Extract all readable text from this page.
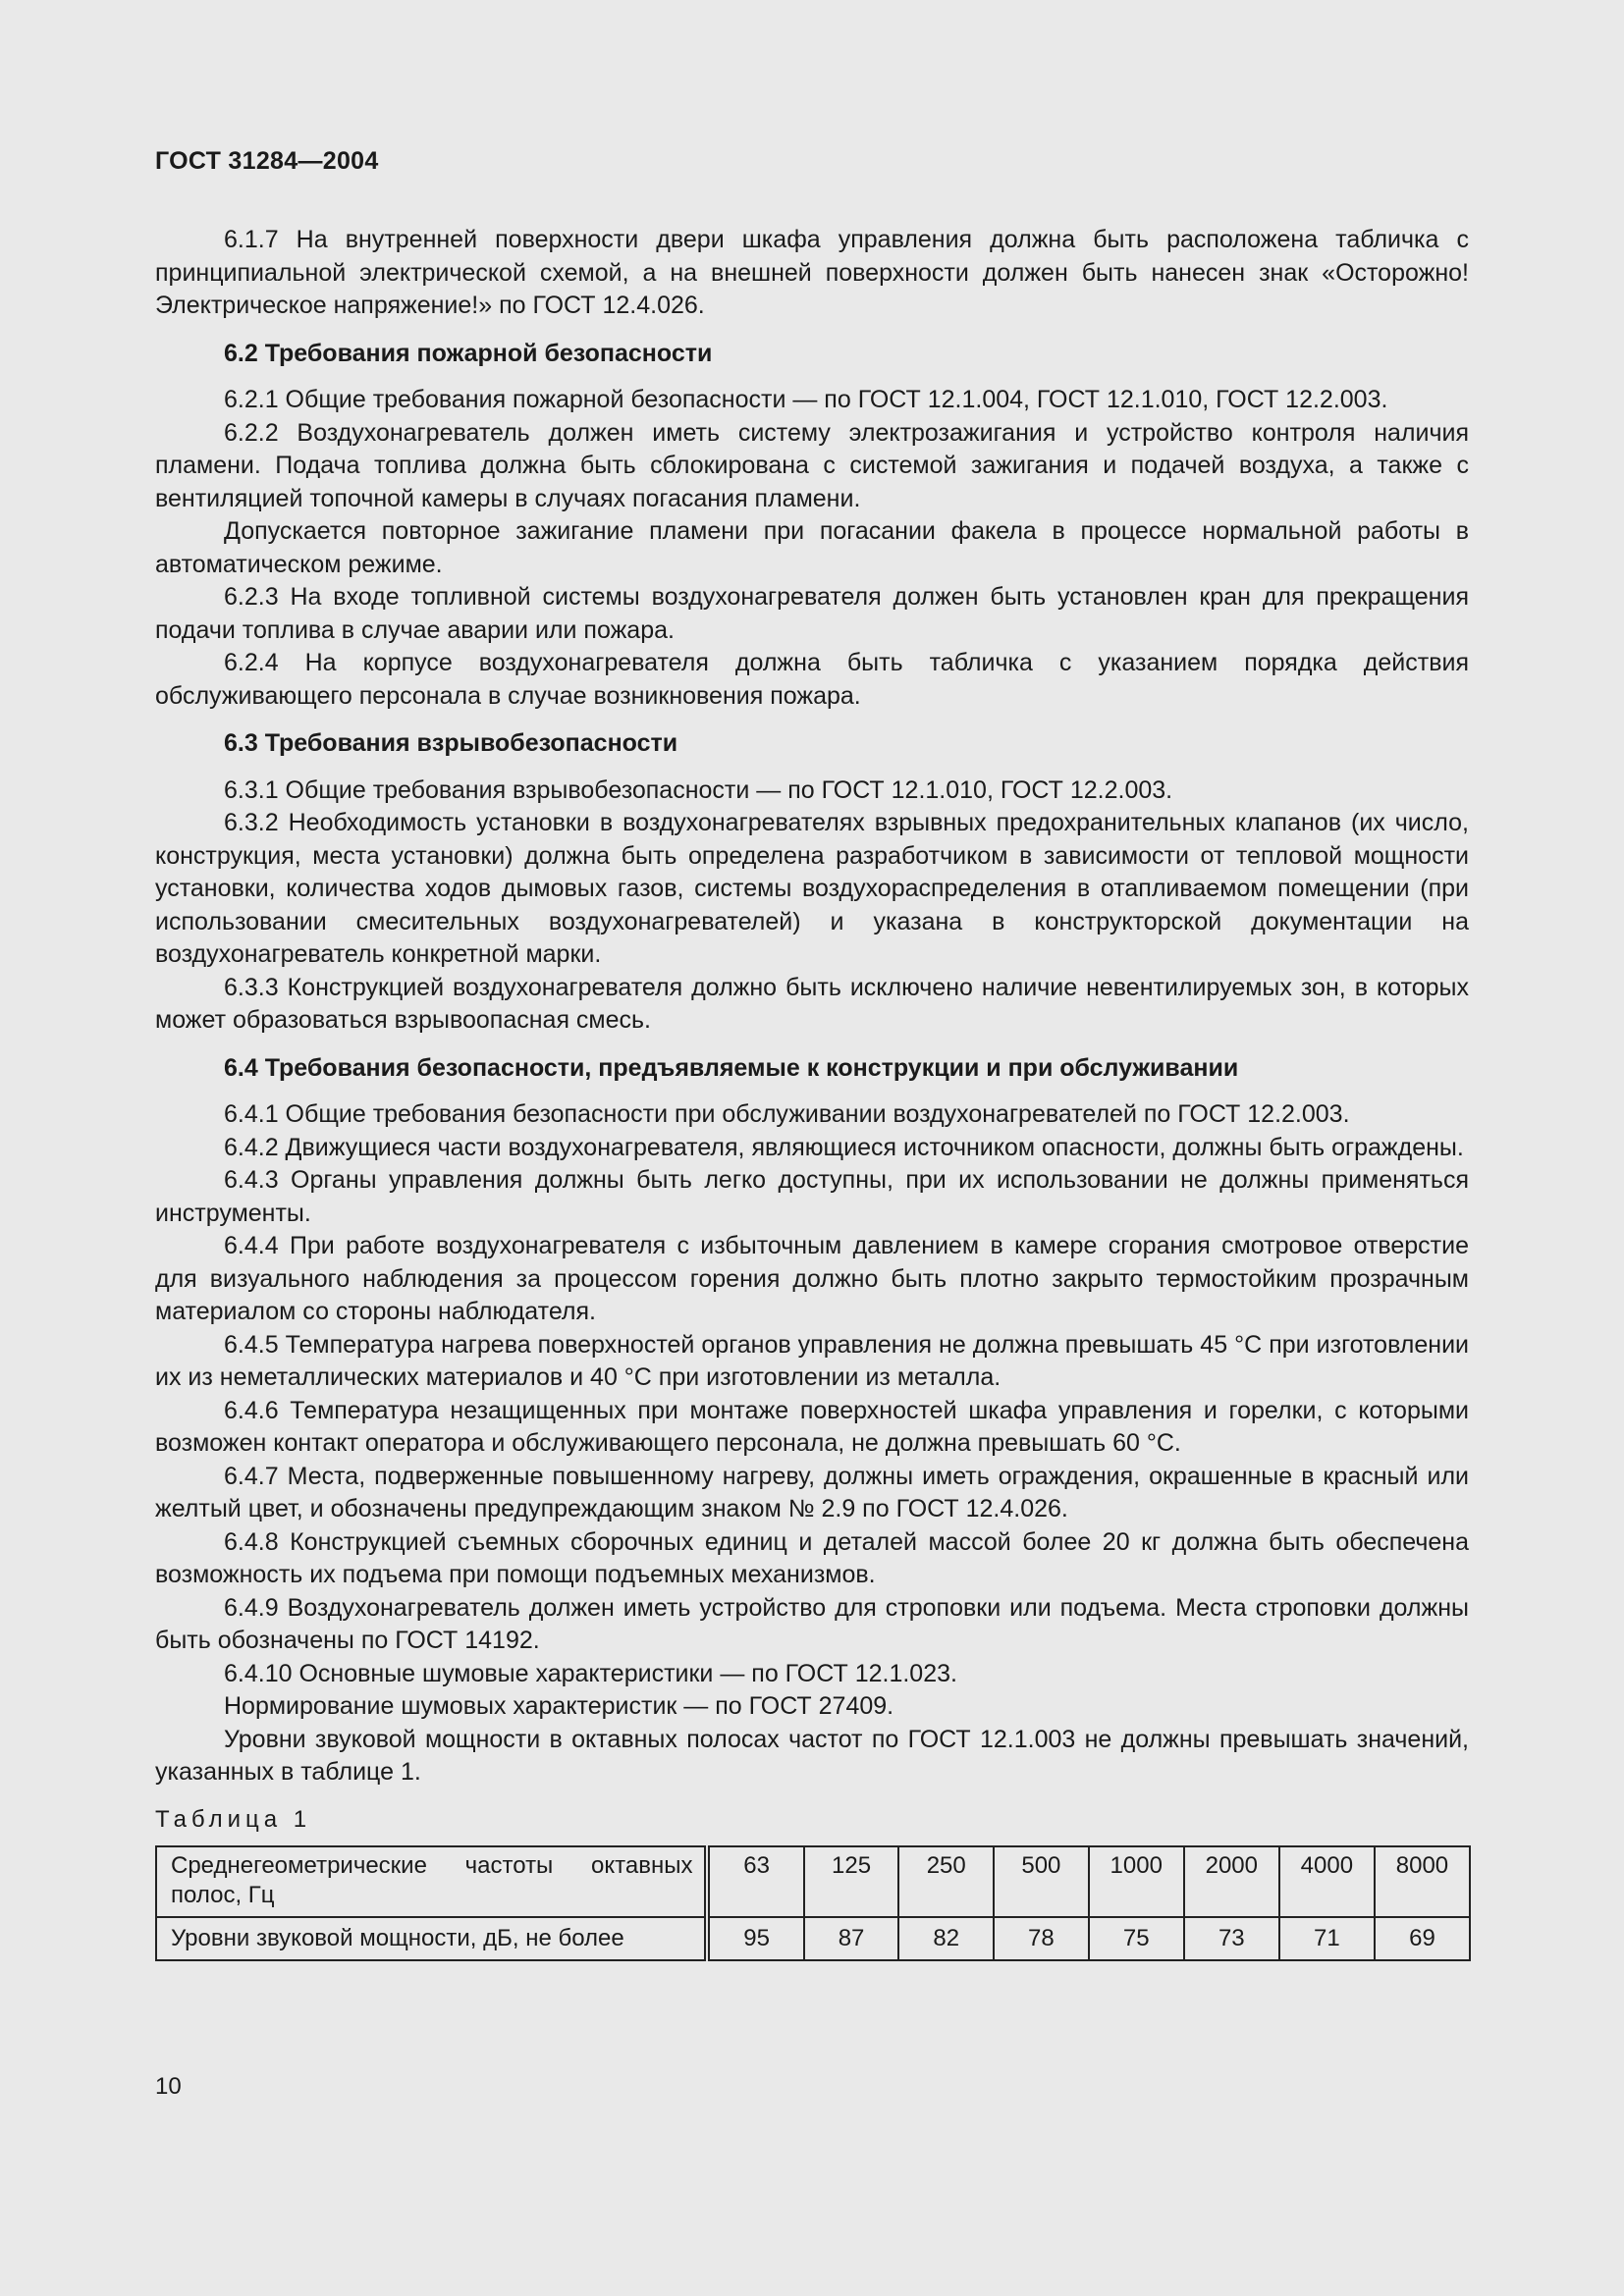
ГОСТ 31284—2004

6.1.7 На внутренней поверхности двери шкафа управления должна быть расположена табличка с принципиальной электрической схемой, а на внешней поверхности должен быть нанесен знак «Осторожно! Электрическое напряжение!» по ГОСТ 12.4.026.

6.2 Требования пожарной безопасности

6.2.1 Общие требования пожарной безопасности — по ГОСТ 12.1.004, ГОСТ 12.1.010, ГОСТ 12.2.003.

6.2.2 Воздухонагреватель должен иметь систему электрозажигания и устройство контроля наличия пламени. Подача топлива должна быть сблокирована с системой зажигания и подачей воздуха, а также с вентиляцией топочной камеры в случаях погасания пламени.

Допускается повторное зажигание пламени при погасании факела в процессе нормальной работы в автоматическом режиме.

6.2.3 На входе топливной системы воздухонагревателя должен быть установлен кран для прекращения подачи топлива в случае аварии или пожара.

6.2.4 На корпусе воздухонагревателя должна быть табличка с указанием порядка действия обслуживающего персонала в случае возникновения пожара.

6.3 Требования взрывобезопасности

6.3.1 Общие требования взрывобезопасности — по ГОСТ 12.1.010, ГОСТ 12.2.003.

6.3.2 Необходимость установки в воздухонагревателях взрывных предохранительных клапанов (их число, конструкция, места установки) должна быть определена разработчиком в зависимости от тепловой мощности установки, количества ходов дымовых газов, системы воздухораспределения в отапливаемом помещении (при использовании смесительных воздухонагревателей) и указана в конструкторской документации на воздухонагреватель конкретной марки.

6.3.3 Конструкцией воздухонагревателя должно быть исключено наличие невентилируемых зон, в которых может образоваться взрывоопасная смесь.

6.4 Требования безопасности, предъявляемые к конструкции и при обслуживании

6.4.1 Общие требования безопасности при обслуживании воздухонагревателей по ГОСТ 12.2.003.

6.4.2 Движущиеся части воздухонагревателя, являющиеся источником опасности, должны быть ограждены.

6.4.3 Органы управления должны быть легко доступны, при их использовании не должны применяться инструменты.

6.4.4 При работе воздухонагревателя с избыточным давлением в камере сгорания смотровое отверстие для визуального наблюдения за процессом горения должно быть плотно закрыто термостойким прозрачным материалом со стороны наблюдателя.

6.4.5 Температура нагрева поверхностей органов управления не должна превышать 45 °С при изготовлении их из неметаллических материалов и 40 °С при изготовлении из металла.

6.4.6 Температура незащищенных при монтаже поверхностей шкафа управления и горелки, с которыми возможен контакт оператора и обслуживающего персонала, не должна превышать 60 °С.

6.4.7 Места, подверженные повышенному нагреву, должны иметь ограждения, окрашенные в красный или желтый цвет, и обозначены предупреждающим знаком № 2.9 по ГОСТ 12.4.026.

6.4.8 Конструкцией съемных сборочных единиц и деталей массой более 20 кг должна быть обеспечена возможность их подъема при помощи подъемных механизмов.

6.4.9 Воздухонагреватель должен иметь устройство для строповки или подъема. Места строповки должны быть обозначены по ГОСТ 14192.

6.4.10 Основные шумовые характеристики — по ГОСТ 12.1.023.

Нормирование шумовых характеристик — по ГОСТ 27409.

Уровни звуковой мощности в октавных полосах частот по ГОСТ 12.1.003 не должны превышать значений, указанных в таблице 1.

Таблица 1
Среднегеометрические частоты октавных полос, Гц	63	125	250	500	1000	2000	4000	8000
Уровни звуковой мощности, дБ, не более	95	87	82	78	75	73	71	69
10
